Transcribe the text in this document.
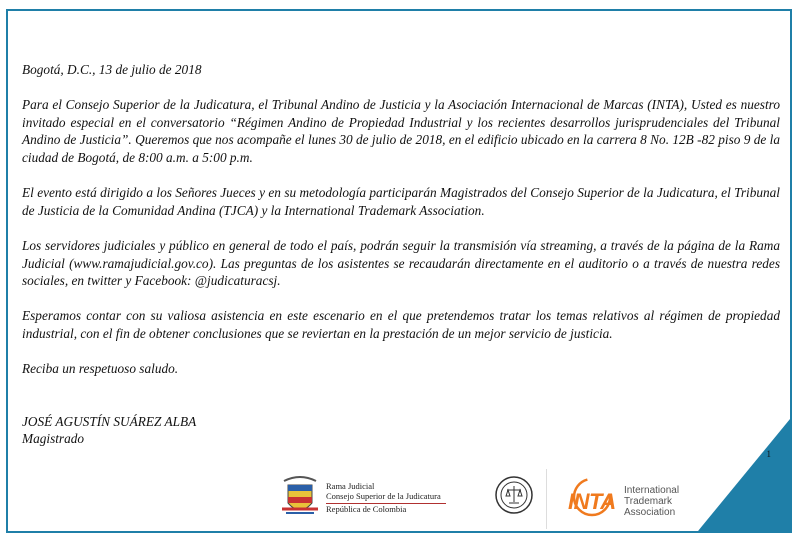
Bogotá, D.C., 13 de julio de 2018

Para el Consejo Superior de la Judicatura, el Tribunal Andino de Justicia y la Asociación Internacional de Marcas (INTA), Usted es nuestro invitado especial en el conversatorio “Régimen Andino de Propiedad Industrial y los recientes desarrollos jurisprudenciales del Tribunal Andino de Justicia”. Queremos que nos acompañe el lunes 30 de julio de 2018, en el edificio ubicado en la carrera 8 No. 12B -82 piso 9 de la ciudad de Bogotá, de 8:00 a.m. a 5:00 p.m.

El evento está dirigido a los Señores Jueces y en su metodología participarán Magistrados del Consejo Superior de la Judicatura, el Tribunal de Justicia de la Comunidad Andina (TJCA) y la International Trademark Association.

Los servidores judiciales y público en general de todo el país, podrán seguir la transmisión vía streaming, a través de la página de la Rama Judicial (www.ramajudicial.gov.co). Las preguntas de los asistentes se recaudarán directamente en el auditorio o a través de nuestra redes sociales, en twitter y Facebook: @judicaturacsj.

Esperamos contar con su valiosa asistencia en este escenario en el que pretendemos tratar los temas relativos al régimen de propiedad industrial, con el fin de obtener conclusiones que se reviertan en la prestación de un mejor servicio de justicia.

Reciba un respetuoso saludo.

JOSÉ AGUSTÍN SUÁREZ ALBA

Magistrado

1
Rama Judicial
Consejo Superior de la Judicatura
República de Colombia	INTA International
Trademark
Association
